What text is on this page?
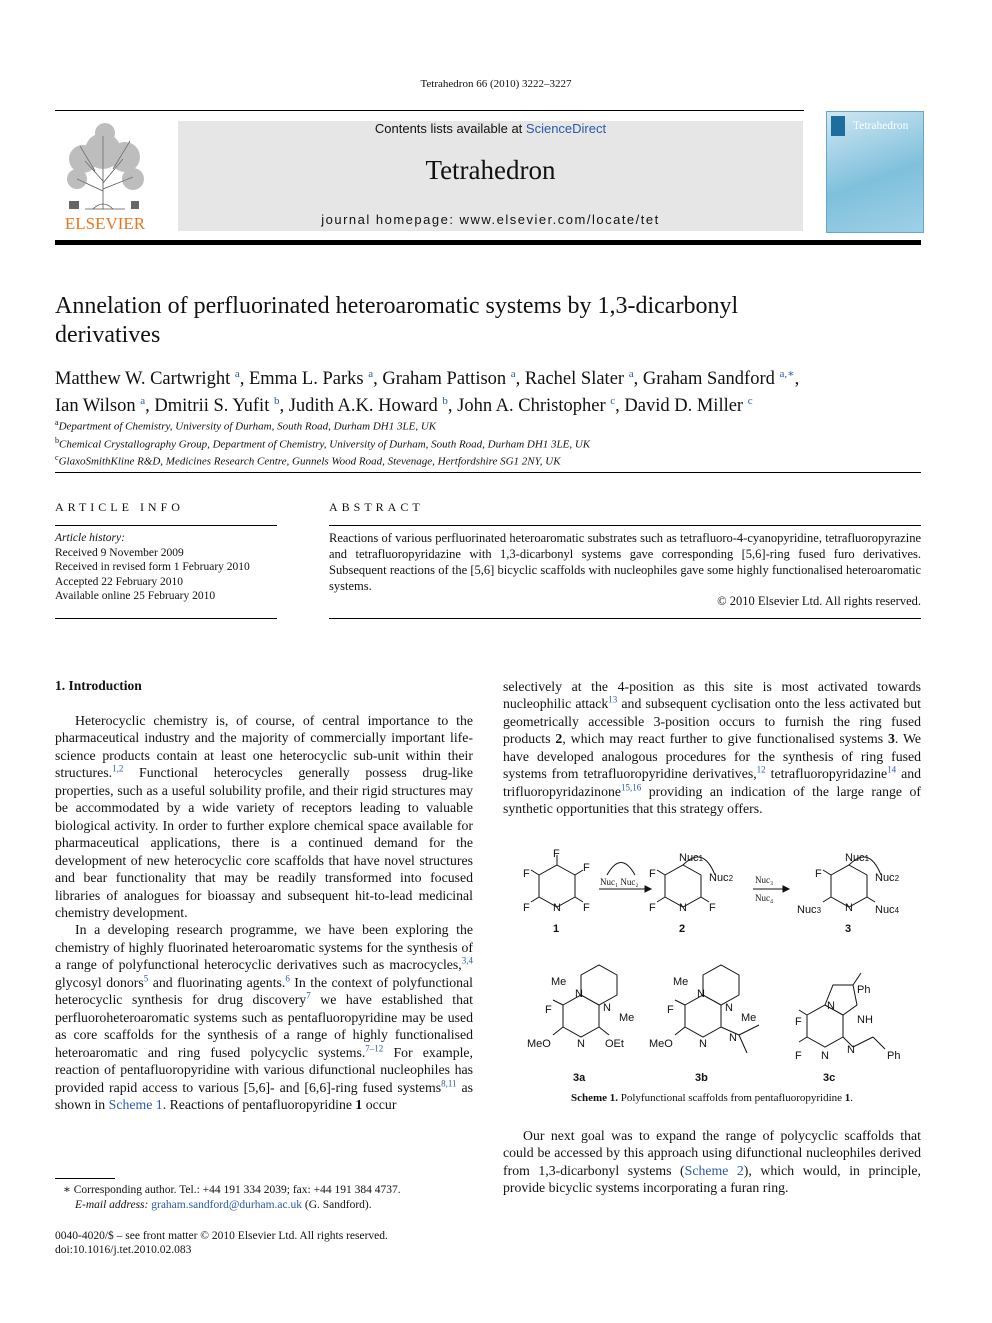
Tetrahedron 66 (2010) 3222–3227
ELSEVIER
Contents lists available at ScienceDirect
Tetrahedron
journal homepage: www.elsevier.com/locate/tet
Tetrahedron
Annelation of perfluorinated heteroaromatic systems by 1,3-dicarbonyl
derivatives
Matthew W. Cartwright $^a$, Emma L. Parks $^a$, Graham Pattison $^a$, Rachel Slater $^a$, Graham Sandford $^{a,∗}$,
Ian Wilson $^a$, Dmitrii S. Yufit $^b$, Judith A.K. Howard $^b$, John A. Christopher $^c$, David D. Miller $^c$
$^a$Department of Chemistry, University of Durham, South Road, Durham DH1 3LE, UK
$^b$Chemical Crystallography Group, Department of Chemistry, University of Durham, South Road, Durham DH1 3LE, UK
$^c$GlaxoSmithKline R&D, Medicines Research Centre, Gunnels Wood Road, Stevenage, Hertfordshire SG1 2NY, UK
ARTICLE INFO
Article history:
Received 9 November 2009
Received in revised form 1 February 2010
Accepted 22 February 2010
Available online 25 February 2010
ABSTRACT
Reactions of various perfluorinated heteroaromatic substrates such as tetrafluoro-4-cyanopyridine, tetrafluoropyrazine and tetrafluoropyridazine with 1,3-dicarbonyl systems gave corresponding [5,6]-ring fused furo derivatives. Subsequent reactions of the [5,6] bicyclic scaffolds with nucleophiles gave some highly functionalised heteroaromatic systems.
© 2010 Elsevier Ltd. All rights reserved.
1. Introduction

Heterocyclic chemistry is, of course, of central importance to the pharmaceutical industry and the majority of commercially important life-science products contain at least one heterocyclic sub-unit within their structures.$^{1,2}$ Functional heterocycles generally possess drug-like properties, such as a useful solubility profile, and their rigid structures may be accommodated by a wide variety of receptors leading to valuable biological activity. In order to further explore chemical space available for pharmaceutical applications, there is a continued demand for the development of new heterocyclic core scaffolds that have novel structures and bear functionality that may be readily transformed into focused libraries of analogues for bioassay and subsequent hit-to-lead medicinal chemistry development.

In a developing research programme, we have been exploring the chemistry of highly fluorinated heteroaromatic systems for the synthesis of a range of polyfunctional heterocyclic derivatives such as macrocycles,$^{3,4}$ glycosyl donors$^5$ and fluorinating agents.$^6$ In the context of polyfunctional heterocyclic synthesis for drug discovery$^7$ we have established that perfluoroheteroaromatic systems such as pentafluoropyridine may be used as core scaffolds for the synthesis of a range of highly functionalised heteroaromatic and ring fused polycyclic systems.$^{7-12}$ For example, reaction of pentafluoropyridine with various difunctional nucleophiles has provided rapid access to various [5,6]- and [6,6]-ring fused systems$^{8,11}$ as shown in Scheme 1. Reactions of pentafluoropyridine 1 occur

∗ Corresponding author. Tel.: +44 191 334 2039; fax: +44 191 384 4737.
E-mail address: graham.sandford@durham.ac.uk (G. Sandford).
0040-4020/$ – see front matter © 2010 Elsevier Ltd. All rights reserved.
doi:10.1016/j.tet.2010.02.083

selectively at the 4-position as this site is most activated towards nucleophilic attack$^{13}$ and subsequent cyclisation onto the less activated but geometrically accessible 3-position occurs to furnish the ring fused products 2, which may react further to give functionalised systems 3. We have developed analogous procedures for the synthesis of ring fused systems from tetrafluoropyridine derivatives,$^{12}$ tetrafluoropyridazine$^{14}$ and trifluoropyridazinone$^{15,16}$ providing an indication of the large range of synthetic opportunities that this strategy offers.

F
F
F
F
F N
1
Nuc₁ Nuc₂
Nuc1
Nuc2
F
F	F
N
2
Nuc₃
Nuc₄
Nuc1
Nuc2
F
Nuc3	Nuc4
N
3
Me
N
N
Me
F
MeO N OEt
3a
Me
N
N
Me
F
MeO N N
3b
Ph
N
NH
F
F N N	Ph
3c
Scheme 1. Polyfunctional scaffolds from pentafluoropyridine 1.

Our next goal was to expand the range of polycyclic scaffolds that could be accessed by this approach using difunctional nucleophiles derived from 1,3-dicarbonyl systems (Scheme 2), which would, in principle, provide bicyclic systems incorporating a furan ring.
